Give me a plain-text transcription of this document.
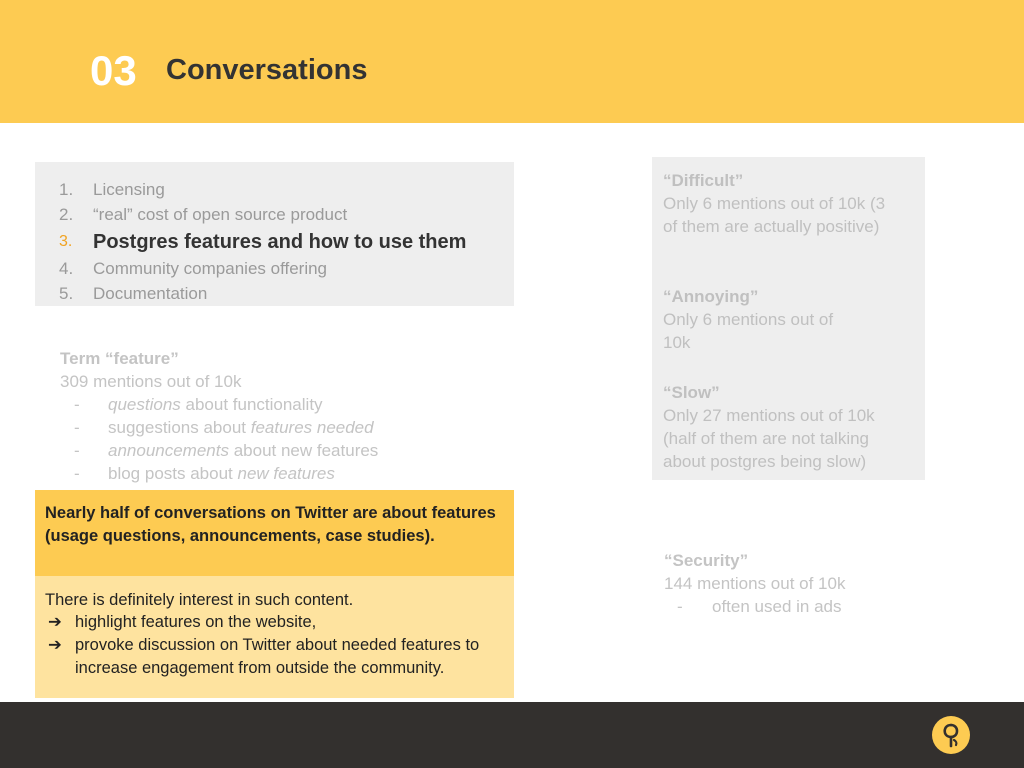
03 Conversations
1.	Licensing
2.	“real” cost of open source product
3.	Postgres features and how to use them
4.	Community companies offering
5.	Documentation
Term “feature”
309 mentions out of 10k
-	questions about functionality
-	suggestions about features needed
-	announcements about new features
-	blog posts about new features
Nearly half of conversations on Twitter are about features (usage questions, announcements, case studies).
There is definitely interest in such content.
➔ highlight features on the website,
➔ provoke discussion on Twitter about needed features to increase engagement from outside the community.
“Difficult”
Only 6 mentions out of 10k (3 of them are actually positive)
“Annoying”
Only 6 mentions out of 10k
“Slow”
Only 27 mentions out of 10k (half of them are not talking about postgres being slow)
“Security”
144 mentions out of 10k
-	often used in ads
